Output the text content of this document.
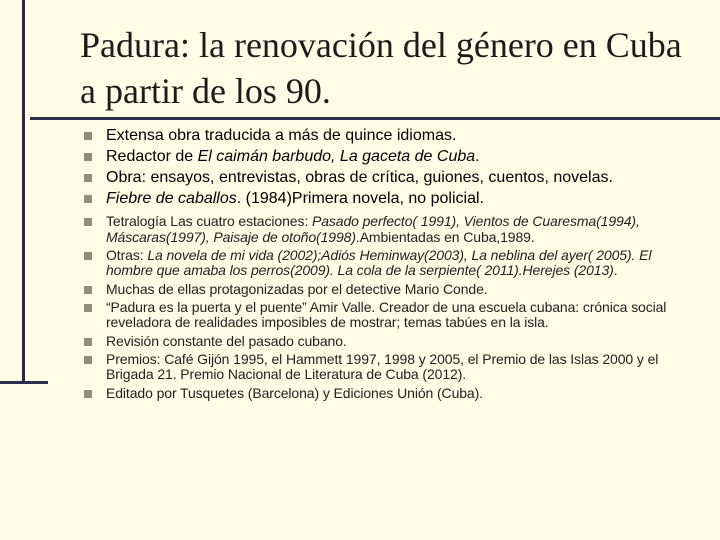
Padura: la renovación del género en Cuba a partir de los 90.
Extensa obra traducida a más de quince idiomas.
Redactor de El caimán barbudo, La gaceta de Cuba.
Obra: ensayos, entrevistas, obras de crítica, guiones, cuentos, novelas.
Fiebre de caballos. (1984)Primera novela, no policial.
Tetralogía Las cuatro estaciones: Pasado perfecto( 1991), Vientos de Cuaresma(1994), Máscaras(1997), Paisaje de otoño(1998).Ambientadas en Cuba,1989.
Otras: La novela de mi vida (2002);Adiós Heminway(2003), La neblina del ayer( 2005). El hombre que amaba los perros(2009). La cola de la serpiente( 2011).Herejes (2013).
Muchas de ellas protagonizadas por el detective Mario Conde.
“Padura es la puerta y el puente” Amir Valle. Creador de una escuela cubana: crónica social reveladora de realidades imposibles de mostrar; temas tabúes en la isla.
Revisión constante del pasado cubano.
Premios: Café Gijón 1995, el Hammett 1997, 1998 y 2005, el Premio de las Islas 2000 y el Brigada 21. Premio Nacional de Literatura de Cuba (2012).
Editado por Tusquetes (Barcelona) y Ediciones Unión (Cuba).
